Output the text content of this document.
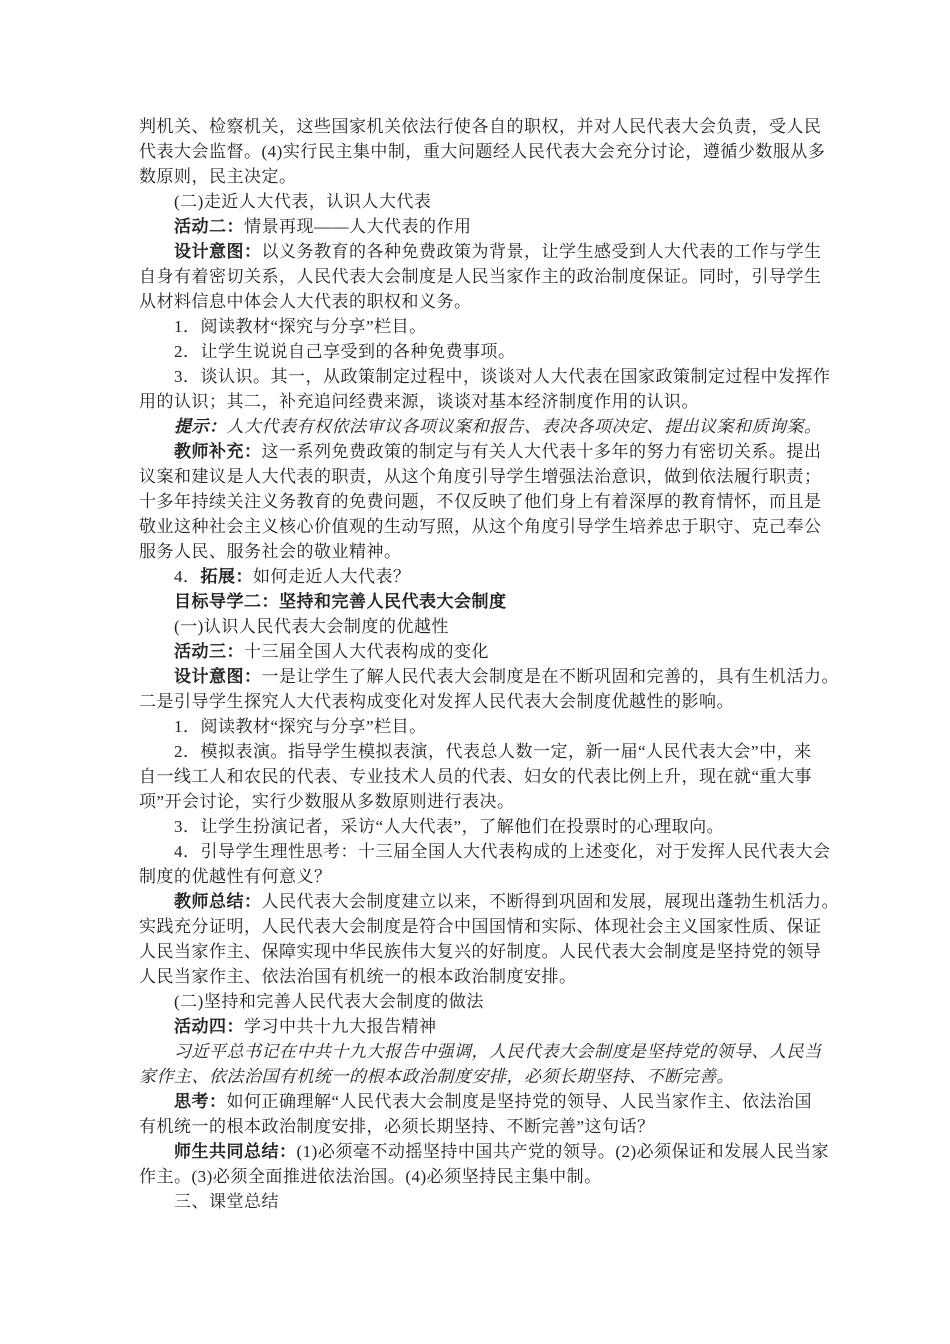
判机关、检察机关，这些国家机关依法行使各自的职权，并对人民代表大会负责，受人民
代表大会监督。(4)实行民主集中制，重大问题经人民代表大会充分讨论，遵循少数服从多
数原则，民主决定。
(二)走近人大代表，认识人大代表
活动二：情景再现——人大代表的作用
设计意图：以义务教育的各种免费政策为背景，让学生感受到人大代表的工作与学生
自身有着密切关系，人民代表大会制度是人民当家作主的政治制度保证。同时，引导学生
从材料信息中体会人大代表的职权和义务。
1．阅读教材“探究与分享”栏目。
2．让学生说说自己享受到的各种免费事项。
3．谈认识。其一，从政策制定过程中，谈谈对人大代表在国家政策制定过程中发挥作
用的认识；其二，补充追问经费来源，谈谈对基本经济制度作用的认识。
提示：人大代表有权依法审议各项议案和报告、表决各项决定、提出议案和质询案。
教师补充：这一系列免费政策的制定与有关人大代表十多年的努力有密切关系。提出
议案和建议是人大代表的职责，从这个角度引导学生增强法治意识，做到依法履行职责；
十多年持续关注义务教育的免费问题，不仅反映了他们身上有着深厚的教育情怀，而且是
敬业这种社会主义核心价值观的生动写照，从这个角度引导学生培养忠于职守、克己奉公
服务人民、服务社会的敬业精神。
4．拓展：如何走近人大代表？
目标导学二：坚持和完善人民代表大会制度
(一)认识人民代表大会制度的优越性
活动三：十三届全国人大代表构成的变化
设计意图：一是让学生了解人民代表大会制度是在不断巩固和完善的，具有生机活力。
二是引导学生探究人大代表构成变化对发挥人民代表大会制度优越性的影响。
1．阅读教材“探究与分享”栏目。
2．模拟表演。指导学生模拟表演，代表总人数一定，新一届“人民代表大会”中，来
自一线工人和农民的代表、专业技术人员的代表、妇女的代表比例上升，现在就“重大事
项”开会讨论，实行少数服从多数原则进行表决。
3．让学生扮演记者，采访“人大代表”，了解他们在投票时的心理取向。
4．引导学生理性思考：十三届全国人大代表构成的上述变化，对于发挥人民代表大会
制度的优越性有何意义？
教师总结：人民代表大会制度建立以来，不断得到巩固和发展，展现出蓬勃生机活力。
实践充分证明，人民代表大会制度是符合中国国情和实际、体现社会主义国家性质、保证
人民当家作主、保障实现中华民族伟大复兴的好制度。人民代表大会制度是坚持党的领导
人民当家作主、依法治国有机统一的根本政治制度安排。
(二)坚持和完善人民代表大会制度的做法
活动四：学习中共十九大报告精神
习近平总书记在中共十九大报告中强调，人民代表大会制度是坚持党的领导、人民当
家作主、依法治国有机统一的根本政治制度安排，必须长期坚持、不断完善。
思考：如何正确理解“人民代表大会制度是坚持党的领导、人民当家作主、依法治国
有机统一的根本政治制度安排，必须长期坚持、不断完善”这句话？
师生共同总结：(1)必须毫不动摇坚持中国共产党的领导。(2)必须保证和发展人民当家
作主。(3)必须全面推进依法治国。(4)必须坚持民主集中制。
三、课堂总结
